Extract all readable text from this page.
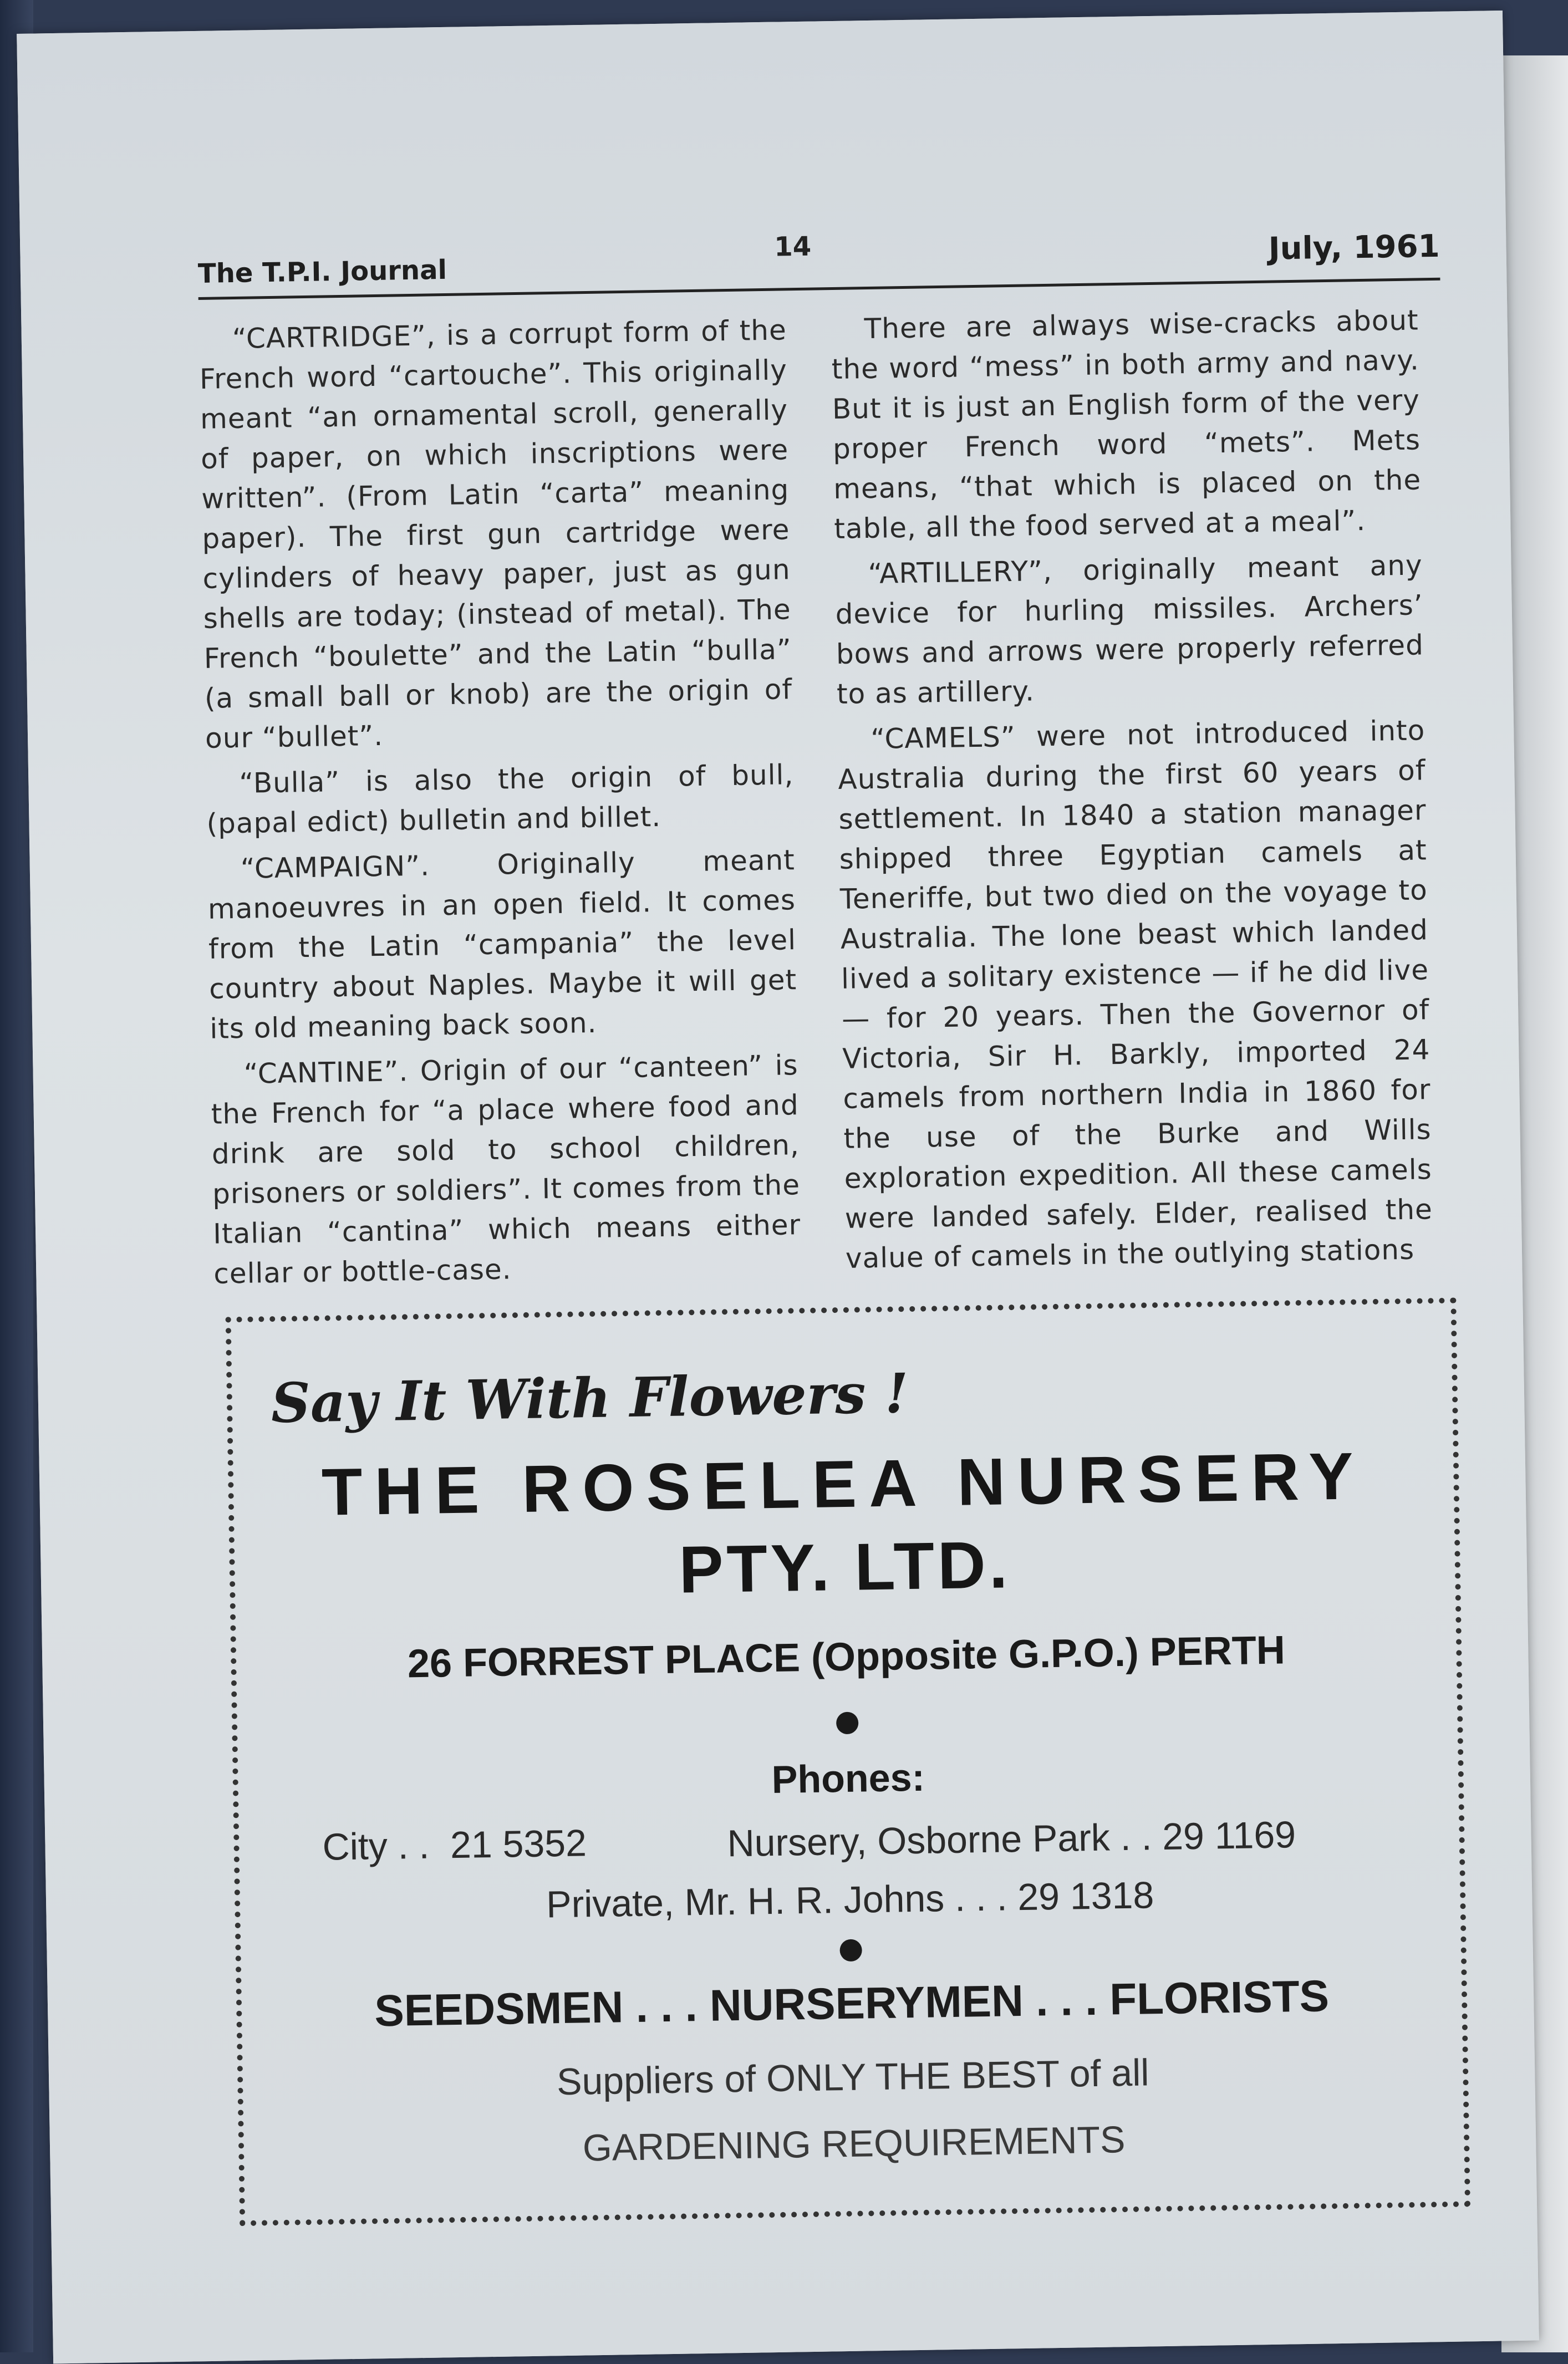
The T.P.I. Journal
14	July, 1961

“CARTRIDGE”, is a corrupt form of the French word “cartouche”. This originally meant “an ornamental scroll, generally of paper, on which inscriptions were written”. (From Latin “carta” meaning paper). The first gun cartridge were cylinders of heavy paper, just as gun shells are today; (instead of metal). The French “boulette” and the Latin “bulla” (a small ball or knob) are the origin of our “bullet”.

“Bulla” is also the origin of bull, (papal edict) bulletin and billet.

“CAMPAIGN”. Originally meant manoeuvres in an open field. It comes from the Latin “campania” the level country about Naples. Maybe it will get its old meaning back soon.

“CANTINE”. Origin of our “canteen” is the French for “a place where food and drink are sold to school children, prisoners or soldiers”. It comes from the Italian “cantina” which means either cellar or bottle-case.

There are always wise-cracks about the word “mess” in both army and navy. But it is just an English form of the very proper French word “mets”. Mets means, “that which is placed on the table, all the food served at a meal”.

“ARTILLERY”, originally meant any device for hurling missiles. Archers’ bows and arrows were properly referred to as artillery.

“CAMELS” were not introduced into Australia during the first 60 years of settlement. In 1840 a station manager shipped three Egyptian camels at Teneriffe, but two died on the voyage to Australia. The lone beast which landed lived a solitary existence — if he did live — for 20 years. Then the Governor of Victoria, Sir H. Barkly, imported 24 camels from northern India in 1860 for the use of the Burke and Wills exploration expedition. All these camels were landed safely. Elder, realised the value of camels in the outlying stations

Say It With Flowers !
THE ROSELEA NURSERY
PTY. LTD.
26 FORREST PLACE (Opposite G.P.O.) PERTH
Phones:
City . .  21 5352	Nursery, Osborne Park . . 29 1169
Private, Mr. H. R. Johns . . . 29 1318
SEEDSMEN . . . NURSERYMEN . . . FLORISTS
Suppliers of ONLY THE BEST of all
GARDENING REQUIREMENTS
